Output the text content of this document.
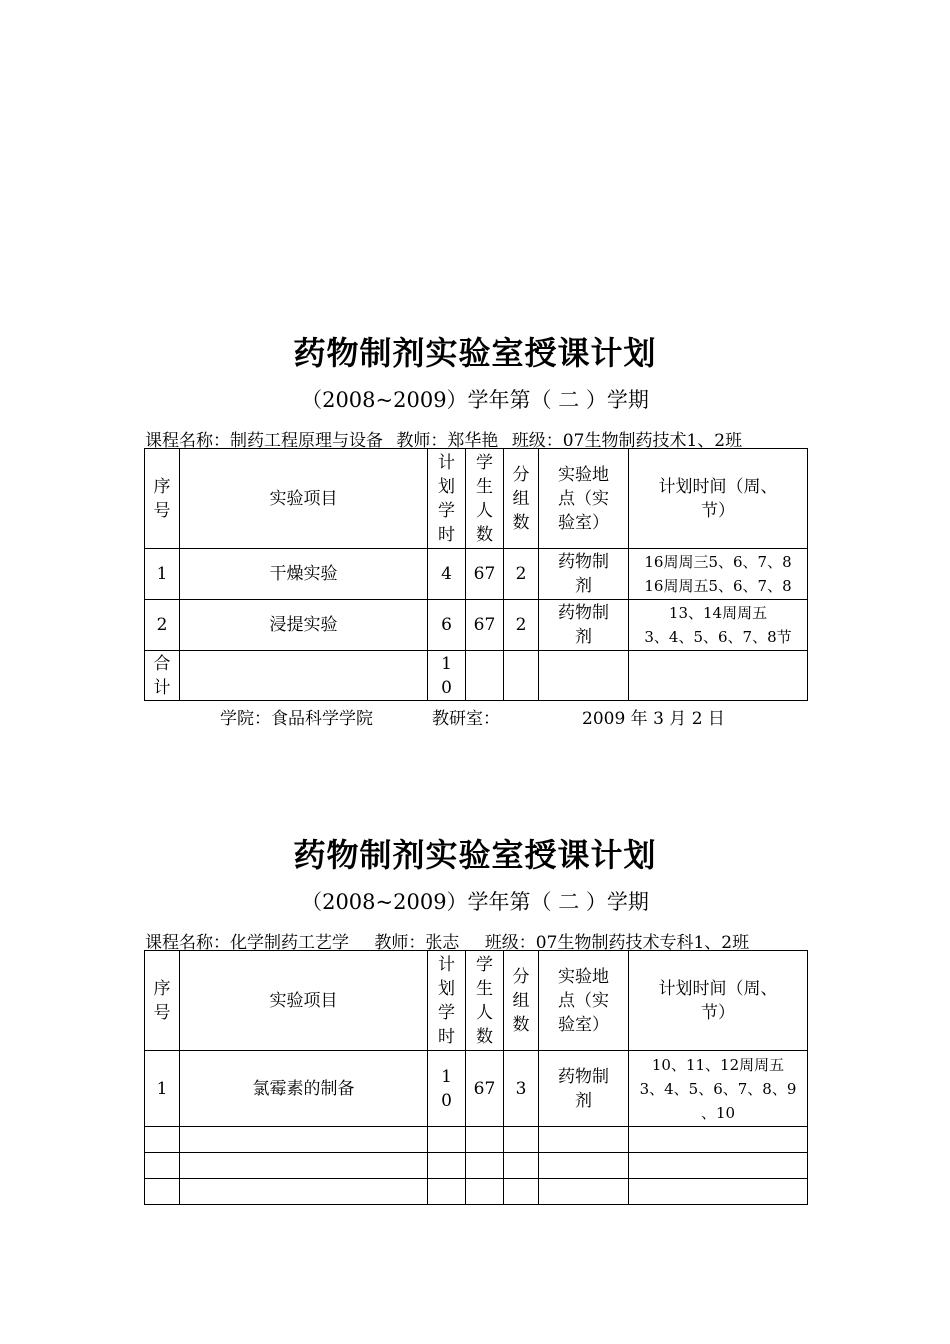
药物制剂实验室授课计划
（2008~2009）学年第（ 二 ）学期
课程名称：制药工程原理与设备 教师：郑华艳 班级：07生物制药技术1、2班
序号	实验项目	计划学时	学生人数	分组数	实验地点（实验室）	计划时间（周、节）
1	干燥实验	4	67	2	药物制剂	16周周三5、6、7、8
16周周五5、6、7、8

2	浸提实验	6	67	2	药物制剂	13、14周周五
3、4、5、6、7、8节

合计		10				
学院：食品科学学院	教研室：	2009 年 3 月 2 日
药物制剂实验室授课计划
（2008~2009）学年第（ 二 ）学期
课程名称：化学制药工艺学 教师：张志 班级：07生物制药技术专科1、2班
序号	实验项目	计划学时	学生人数	分组数	实验地点（实验室）	计划时间（周、节）
1	氯霉素的制备	10	67	3	药物制剂	10、11、12周周五
3、4、5、6、7、8、9
、10
